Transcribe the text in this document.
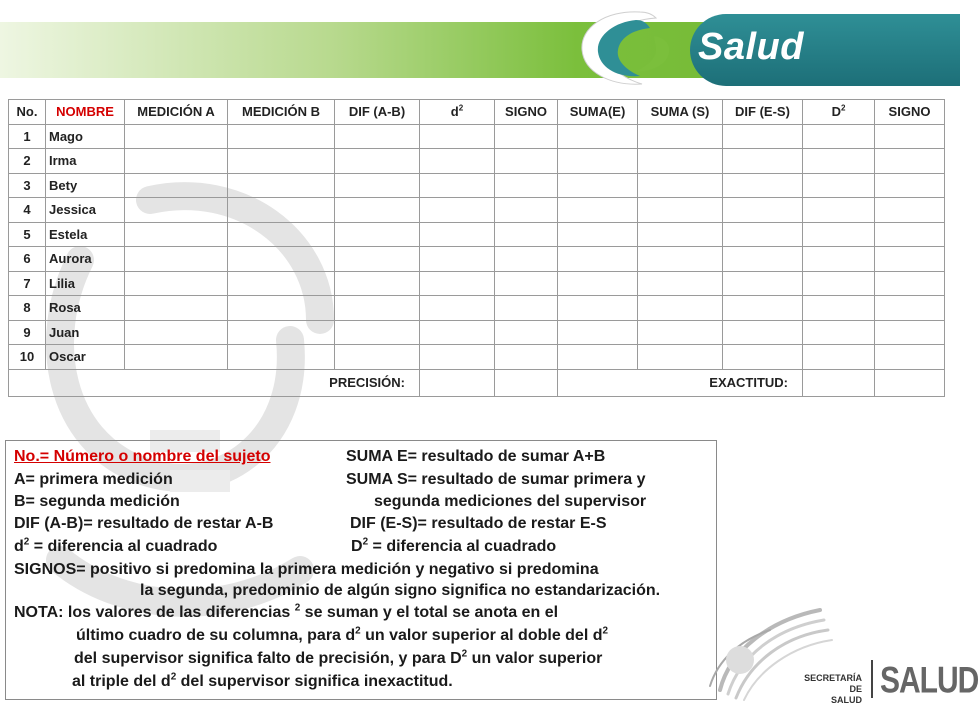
Salud
No.	NOMBRE	MEDICIÓN A	MEDICIÓN B	DIF (A-B)	$d^2$	SIGNO	SUMA(E)	SUMA (S)	DIF (E-S)	$D^2$	SIGNO
1	Mago										
2	Irma										
3	Bety										
4	Jessica										
5	Estela										
6	Aurora										
7	Lilia										
8	Rosa										
9	Juan										
10	Oscar										
PRECISIÓN:							EXACTITUD:				
No.= Número o nombre del sujeto	SUMA E= resultado de sumar A+B
A= primera medición	SUMA S= resultado de sumar primera y
B= segunda medición	segunda mediciones del supervisor
DIF (A-B)= resultado de restar A-B	DIF (E-S)= resultado de restar E-S
$d^2$ = diferencia al cuadrado	$D^2$ = diferencia al cuadrado
SIGNOS= positivo si predomina la primera medición y negativo si predomina
la segunda, predominio de algún signo significa no estandarización.
NOTA: los valores de las diferencias $^2$ se suman y el total se anota en el
último cuadro de su columna, para $d^2$ un valor superior al doble del $d^2$
del supervisor significa falto de precisión, y para $D^2$ un valor superior
al triple del $d^2$ del supervisor significa inexactitud.	SECRETARÍA DE
SALUD SALUD
